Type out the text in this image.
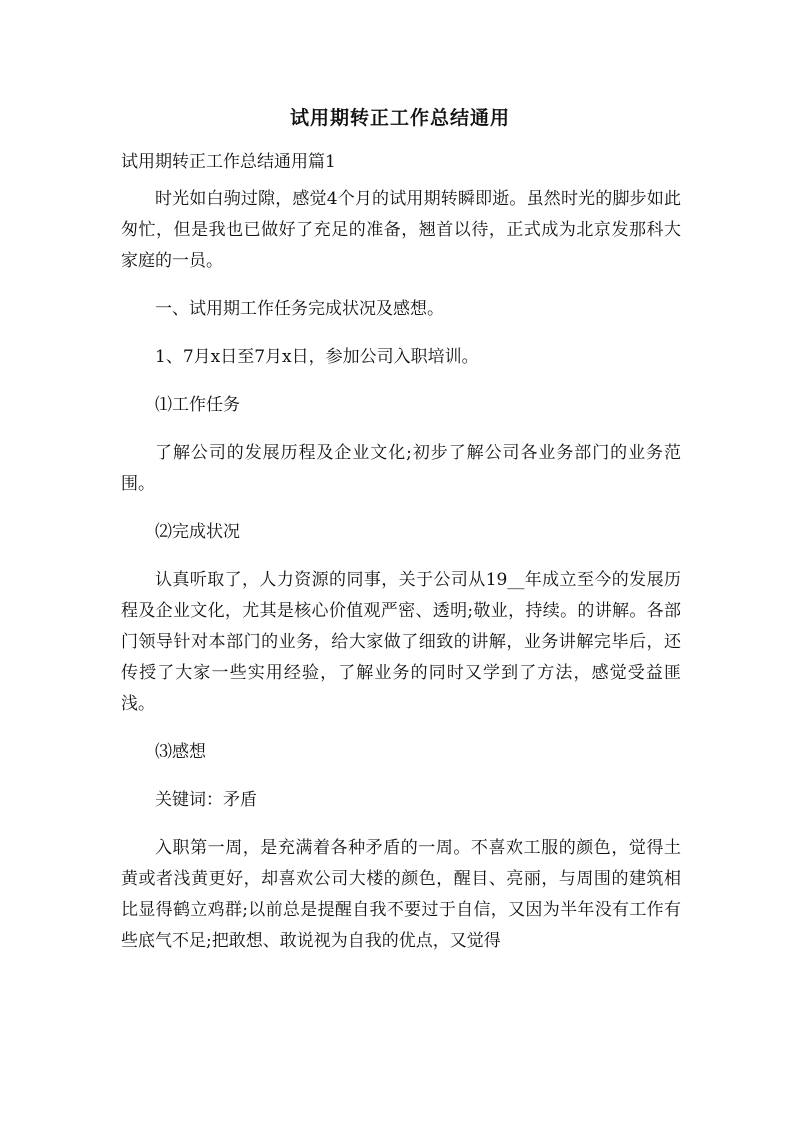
试用期转正工作总结通用
试用期转正工作总结通用篇1

时光如白驹过隙，感觉4个月的试用期转瞬即逝。虽然时光的脚步如此匆忙，但是我也已做好了充足的准备，翘首以待，正式成为北京发那科大家庭的一员。

一、试用期工作任务完成状况及感想。

1、7月x日至7月x日，参加公司入职培训。

⑴工作任务

了解公司的发展历程及企业文化;初步了解公司各业务部门的业务范围。

⑵完成状况

认真听取了，人力资源的同事，关于公司从19__年成立至今的发展历程及企业文化，尤其是核心价值观严密、透明;敬业，持续。的讲解。各部门领导针对本部门的业务，给大家做了细致的讲解，业务讲解完毕后，还传授了大家一些实用经验，了解业务的同时又学到了方法，感觉受益匪浅。

⑶感想

关键词：矛盾

入职第一周，是充满着各种矛盾的一周。不喜欢工服的颜色，觉得土黄或者浅黄更好，却喜欢公司大楼的颜色，醒目、亮丽，与周围的建筑相比显得鹤立鸡群;以前总是提醒自我不要过于自信，又因为半年没有工作有些底气不足;把敢想、敢说视为自我的优点，又觉得
